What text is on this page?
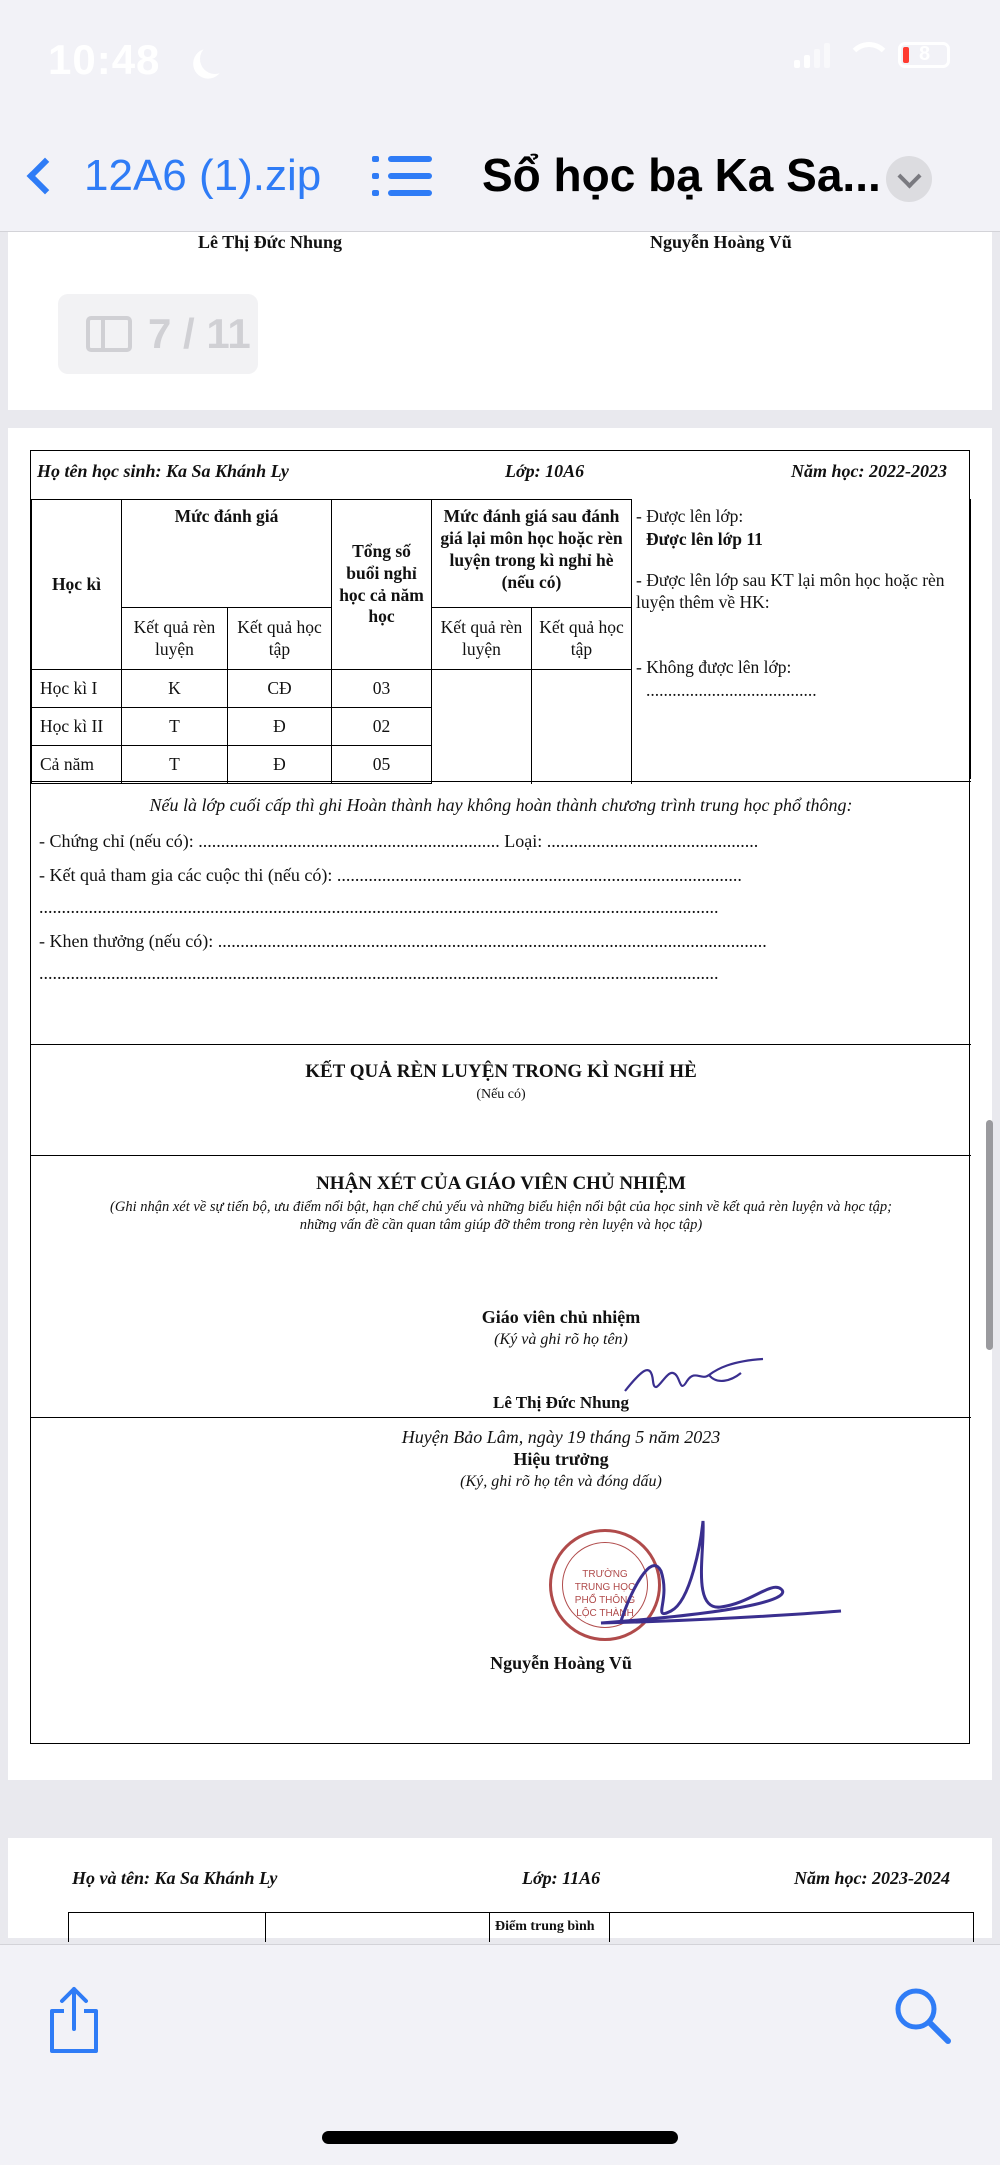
10:48	8
12A6 (1).zip	Sổ học bạ Ka Sa...
Lê Thị Đức Nhung	Nguyễn Hoàng Vũ
7 / 11
Họ tên học sinh: Ka Sa Khánh Ly	Lớp: 10A6	Năm học: 2022-2023
Học kì	Mức đánh giá		Tổng số buổi nghỉ học cả năm học	Mức đánh giá sau đánh giá lại môn học hoặc rèn luyện trong kì nghỉ hè (nếu có)	
	Kết quả rèn luyện	Kết quả học tập		Kết quả rèn luyện	Kết quả học tập
Học kì I	K	CĐ	03		
Học kì II	T	Đ	02		
Cả năm	T	Đ	05		
- Được lên lớp:
Được lên lớp 11
- Được lên lớp sau KT lại môn học hoặc rèn luyện thêm về HK:
- Không được lên lớp:
.......................................
Nếu là lớp cuối cấp thì ghi Hoàn thành hay không hoàn thành chương trình trung học phổ thông:
- Chứng chỉ (nếu có): ................................................................... Loại: ...............................................
- Kết quả tham gia các cuộc thi (nếu có): ..........................................................................................
.......................................................................................................................................................
- Khen thưởng (nếu có): ..........................................................................................................................
.......................................................................................................................................................
KẾT QUẢ RÈN LUYỆN TRONG KÌ NGHỈ HÈ
(Nếu có)
NHẬN XÉT CỦA GIÁO VIÊN CHỦ NHIỆM
(Ghi nhận xét về sự tiến bộ, ưu điểm nổi bật, hạn chế chủ yếu và những biểu hiện nổi bật của học sinh về kết quả rèn luyện và học tập;
những vấn đề cần quan tâm giúp đỡ thêm trong rèn luyện và học tập)
Giáo viên chủ nhiệm
(Ký và ghi rõ họ tên)
Lê Thị Đức Nhung
Huyện Bảo Lâm, ngày 19 tháng 5 năm 2023
Hiệu trưởng
(Ký, ghi rõ họ tên và đóng dấu)
TRƯỜNG
TRUNG HỌC
PHỔ THÔNG
LỘC THÀNH
Nguyễn Hoàng Vũ
Họ và tên: Ka Sa Khánh Ly	Lớp: 11A6	Năm học: 2023-2024
Điểm trung bình
